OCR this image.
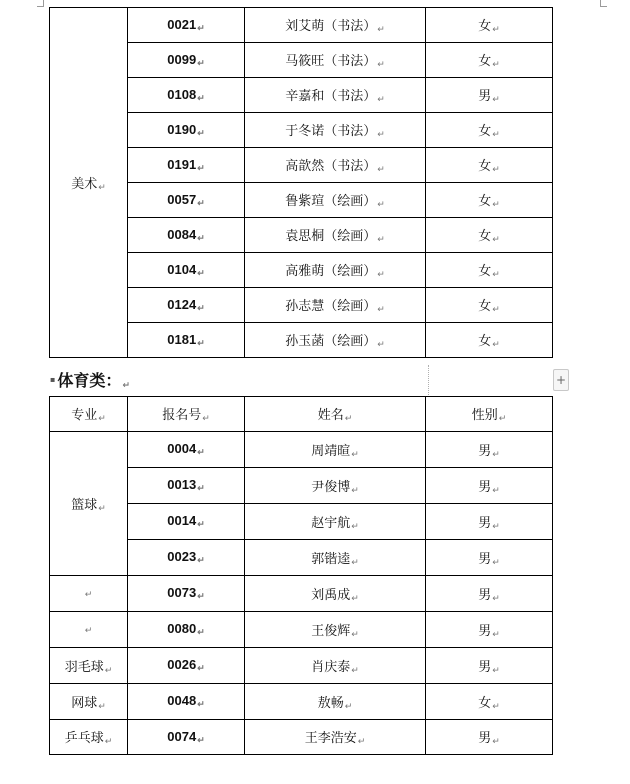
美术 ↵	0021 ↵	刘艾萌（书法） ↵	女 ↵
	0099 ↵	马筱旺（书法） ↵	女 ↵
	0108 ↵	辛嘉和（书法） ↵	男 ↵
	0190 ↵	于冬诺（书法） ↵	女 ↵
	0191 ↵	高歆然（书法） ↵	女 ↵
	0057 ↵	鲁紫瑄（绘画） ↵	女 ↵
	0084 ↵	袁思桐（绘画） ↵	女 ↵
	0104 ↵	高雅萌（绘画） ↵	女 ↵
	0124 ↵	孙志慧（绘画） ↵	女 ↵
	0181 ↵	孙玉菡（绘画） ↵	女 ↵
▪ 体育类： ↵	+
专业 ↵	报名号 ↵	姓名 ↵	性别 ↵
篮球 ↵	0004 ↵	周靖暄 ↵	男 ↵
	0013 ↵	尹俊博 ↵	男 ↵
	0014 ↵	赵宇航 ↵	男 ↵
	0023 ↵	郭锴逵 ↵	男 ↵
↵	0073 ↵	刘禹成 ↵	男 ↵
↵	0080 ↵	王俊辉 ↵	男 ↵
羽毛球 ↵	0026 ↵	肖庆泰 ↵	男 ↵
网球 ↵	0048 ↵	敖畅 ↵	女 ↵
乒乓球 ↵	0074 ↵	王李浩安 ↵	男 ↵
